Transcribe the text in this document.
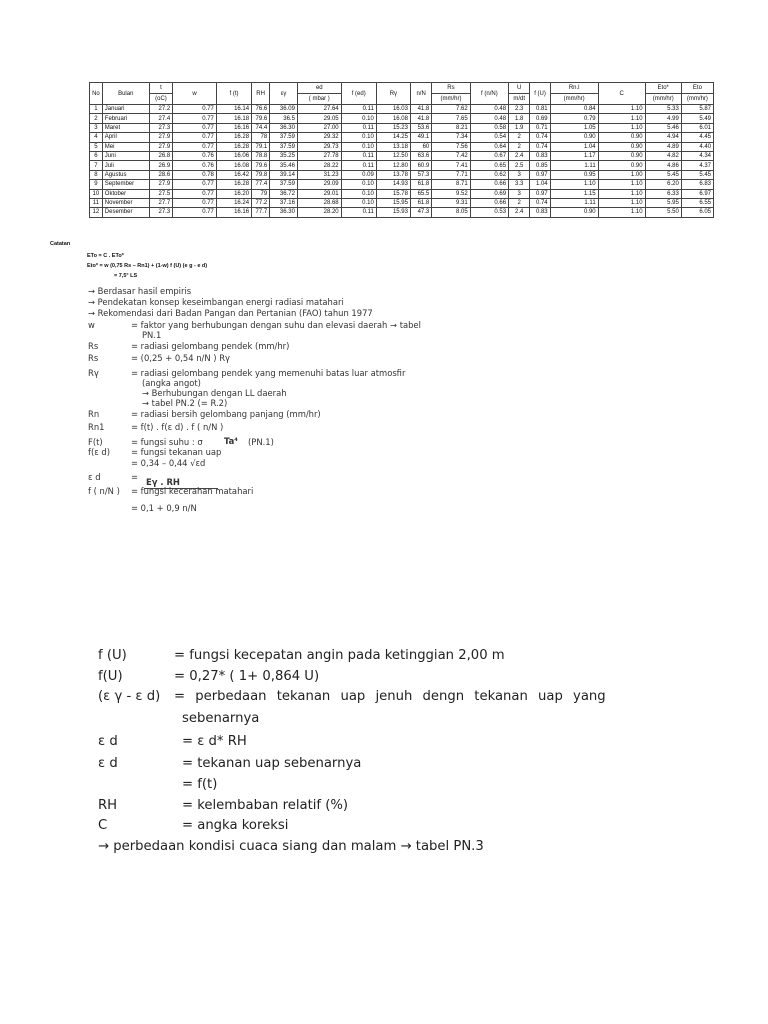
No	Bulan	t	w	f (t)	RH	εγ	ed	f (ed)	Rγ	n/N	Rs	f (n/N)	U	f (U)	Rn.l	C	Eto*	Eto
		(oC)					( mbar )				(mm/hr)		m/dt		(mm/hr)		(mm/hr)	(mm/hr)
1	Januari	27.2	0.77	16.14	76.6	36.09	27.64	0.11	16.03	41.8	7.62	0.48	2.3	0.81	0.84	1.10	5.33	5.87
2	Februari	27.4	0.77	16.18	79.6	36.5	29.05	0.10	16.08	41.8	7.65	0.48	1.8	0.69	0.79	1.10	4.99	5.49
3	Maret	27.3	0.77	16.16	74.4	36.30	27.00	0.11	15.23	53.6	8.21	0.58	1.9	0.71	1.05	1.10	5.46	6.01
4	April	27.9	0.77	16.28	78	37.59	29.32	0.10	14.25	49.1	7.34	0.54	2	0.74	0.90	0.90	4.94	4.45
5	Mei	27.9	0.77	16.28	79.1	37.59	29.73	0.10	13.18	60	7.56	0.64	2	0.74	1.04	0.90	4.89	4.40
6	Juni	26.8	0.76	16.06	78.8	35.25	27.78	0.11	12.50	63.6	7.42	0.67	2.4	0.83	1.17	0.90	4.82	4.34
7	Juli	26.9	0.76	16.08	79.6	35.46	28.22	0.11	12.80	60.9	7.41	0.65	2.5	0.85	1.11	0.90	4.86	4.37
8	Agustus	28.6	0.78	16.42	79.8	39.14	31.23	0.09	13.78	57.3	7.71	0.62	3	0.97	0.95	1.00	5.45	5.45
9	September	27.9	0.77	16.28	77.4	37.59	29.09	0.10	14.93	61.8	8.71	0.66	3.3	1.04	1.10	1.10	6.20	6.83
10	Oktober	27.5	0.77	16.20	79	36.72	29.01	0.10	15.78	65.5	9.52	0.69	3	0.97	1.15	1.10	6.33	6.97
11	November	27.7	0.77	16.24	77.2	37.16	28.68	0.10	15.95	61.8	9.31	0.66	2	0.74	1.11	1.10	5.95	6.55
12	Desember	27.3	0.77	16.16	77.7	36.30	28.20	0.11	15.93	47.3	8.05	0.53	2.4	0.83	0.90	1.10	5.50	6.05
Catatan
ETo = C . ETo*
Eto* = w (0,75 Rs – Rn1) + (1-w) f (U) (e g - e d)
= 7,5° LS
→ Berdasar hasil empiris
→ Pendekatan konsep keseimbangan energi radiasi matahari
→ Rekomendasi dari Badan Pangan dan Pertanian (FAO) tahun 1977
w	= faktor yang berhubungan dengan suhu dan elevasi daerah → tabel
PN.1
Rs	= radiasi gelombang pendek (mm/hr)
Rs	= (0,25 + 0,54 n/N ) Rγ
Rγ	= radiasi gelombang pendek yang memenuhi batas luar atmosfir
(angka angot)
→ Berhubungan dengan LL daerah
→ tabel PN.2 (= R.2)
Rn	= radiasi bersih gelombang panjang (mm/hr)
Rn1	= f(t) . f(ε d) . f ( n/N )
F(t)	= fungsi suhu : σ	Ta⁴ (PN.1)
f(ε d)	= fungsi tekanan uap
= 0,34 – 0,44 √εd
ε d	= Eγ . RH
f ( n/N ) = fungsi kecerahan matahari
= 0,1 + 0,9 n/N
f (U)	= fungsi kecepatan angin pada ketinggian 2,00 m
f(U)	= 0,27* ( 1+ 0,864 U)
(ε γ - ε d) = perbedaan tekanan uap jenuh dengn tekanan uap yang
sebenarnya
ε d	= ε d* RH
ε d	= tekanan uap sebenarnya
= f(t)
RH	= kelembaban relatif (%)
C	= angka koreksi
→ perbedaan kondisi cuaca siang dan malam → tabel PN.3
